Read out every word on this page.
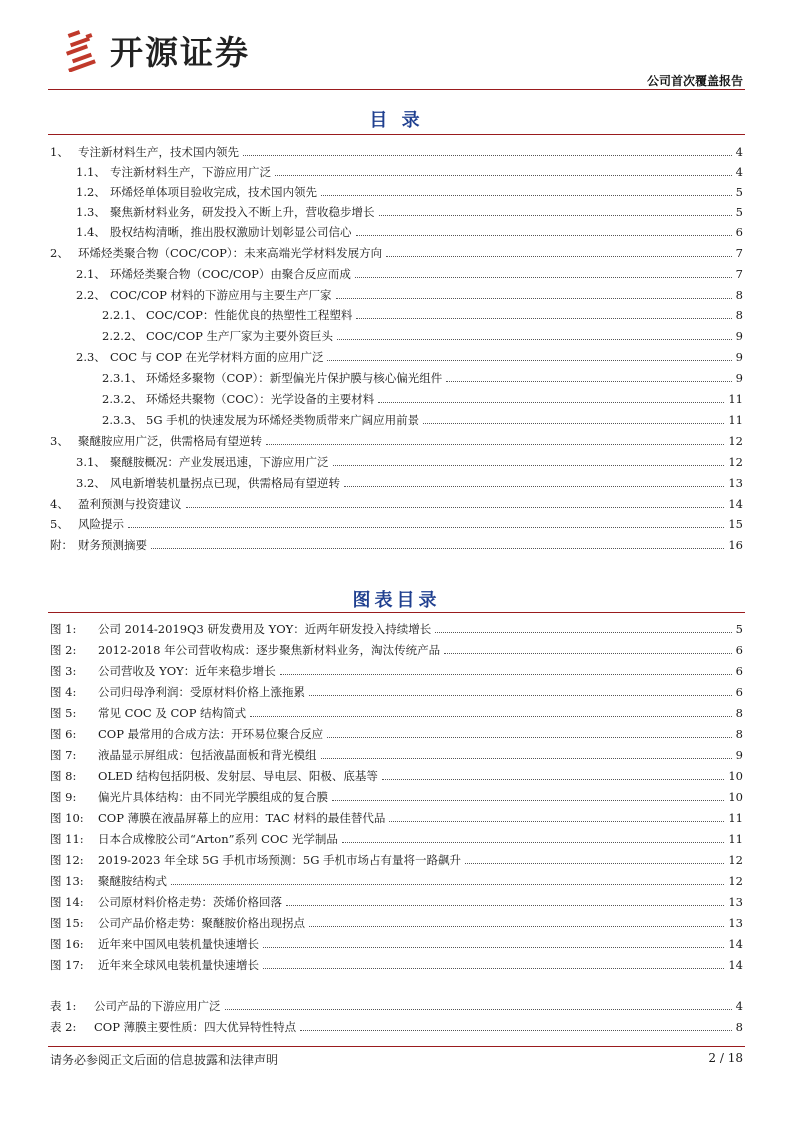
开源证券
公司首次覆盖报告
目 录
1、 专注新材料生产，技术国内领先	4
1.1、 专注新材料生产，下游应用广泛	4
1.2、 环烯烃单体项目验收完成，技术国内领先	5
1.3、 聚焦新材料业务，研发投入不断上升，营收稳步增长	5
1.4、 股权结构清晰，推出股权激励计划彰显公司信心	6
2、 环烯烃类聚合物（COC/COP）：未来高端光学材料发展方向	7
2.1、 环烯烃类聚合物（COC/COP）由聚合反应而成	7
2.2、 COC/COP 材料的下游应用与主要生产厂家	8
2.2.1、 COC/COP：性能优良的热塑性工程塑料	8
2.2.2、 COC/COP 生产厂家为主要外资巨头	9
2.3、 COC 与 COP 在光学材料方面的应用广泛	9
2.3.1、 环烯烃多聚物（COP）：新型偏光片保护膜与核心偏光组件	9
2.3.2、 环烯烃共聚物（COC）：光学设备的主要材料	11
2.3.3、 5G 手机的快速发展为环烯烃类物质带来广阔应用前景	11
3、 聚醚胺应用广泛，供需格局有望逆转	12
3.1、 聚醚胺概况：产业发展迅速，下游应用广泛	12
3.2、 风电新增装机量拐点已现，供需格局有望逆转	13
4、 盈利预测与投资建议	14
5、 风险提示	15
附： 财务预测摘要	16
图表目录
图 1:	公司 2014-2019Q3 研发费用及 YOY：近两年研发投入持续增长	5
图 2:	2012-2018 年公司营收构成：逐步聚焦新材料业务，淘汰传统产品	6
图 3:	公司营收及 YOY：近年来稳步增长	6
图 4:	公司归母净利润：受原材料价格上涨拖累	6
图 5:	常见 COC 及 COP 结构简式	8
图 6:	COP 最常用的合成方法：开环易位聚合反应	8
图 7:	液晶显示屏组成：包括液晶面板和背光模组	9
图 8:	OLED 结构包括阴极、发射层、导电层、阳极、底基等	10
图 9:	偏光片具体结构：由不同光学膜组成的复合膜	10
图 10:	COP 薄膜在液晶屏幕上的应用：TAC 材料的最佳替代品	11
图 11:	日本合成橡胶公司“Arton”系列 COC 光学制品	11
图 12:	2019-2023 年全球 5G 手机市场预测：5G 手机市场占有量将一路飙升	12
图 13:	聚醚胺结构式	12
图 14:	公司原材料价格走势：茨烯价格回落	13
图 15:	公司产品价格走势：聚醚胺价格出现拐点	13
图 16:	近年来中国风电装机量快速增长	14
图 17:	近年来全球风电装机量快速增长	14
表 1:	公司产品的下游应用广泛	4
表 2:	COP 薄膜主要性质：四大优异特性特点	8
请务必参阅正文后面的信息披露和法律声明	2 / 18
